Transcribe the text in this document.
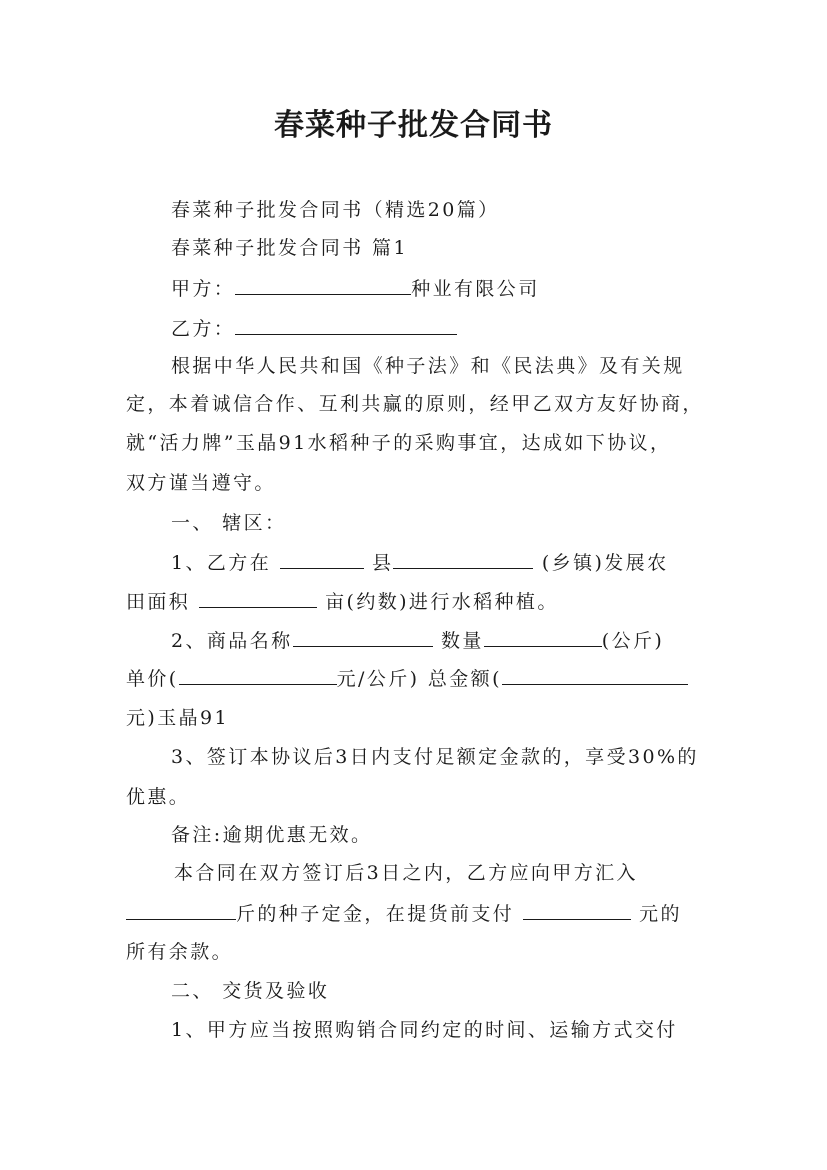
春菜种子批发合同书
春菜种子批发合同书（精选20篇）
春菜种子批发合同书 篇1
甲方：	种业有限公司
乙方：
根据中华人民共和国《种子法》和《民法典》及有关规
定，本着诚信合作、互利共赢的原则，经甲乙双方友好协商，
就“活力牌”玉晶91水稻种子的采购事宜，达成如下协议，
双方谨当遵守。
一、 辖区：
1、乙方在	县	(乡镇)发展农
田面积	亩(约数)进行水稻种植。
2、商品名称	数量	(公斤)
单价(	元/公斤) 总金额(
元)玉晶91
3、签订本协议后3日内支付足额定金款的，享受30%的
优惠。
备注:逾期优惠无效。
本合同在双方签订后3日之内，乙方应向甲方汇入
斤的种子定金，在提货前支付	元的
所有余款。
二、 交货及验收
1、甲方应当按照购销合同约定的时间、运输方式交付
